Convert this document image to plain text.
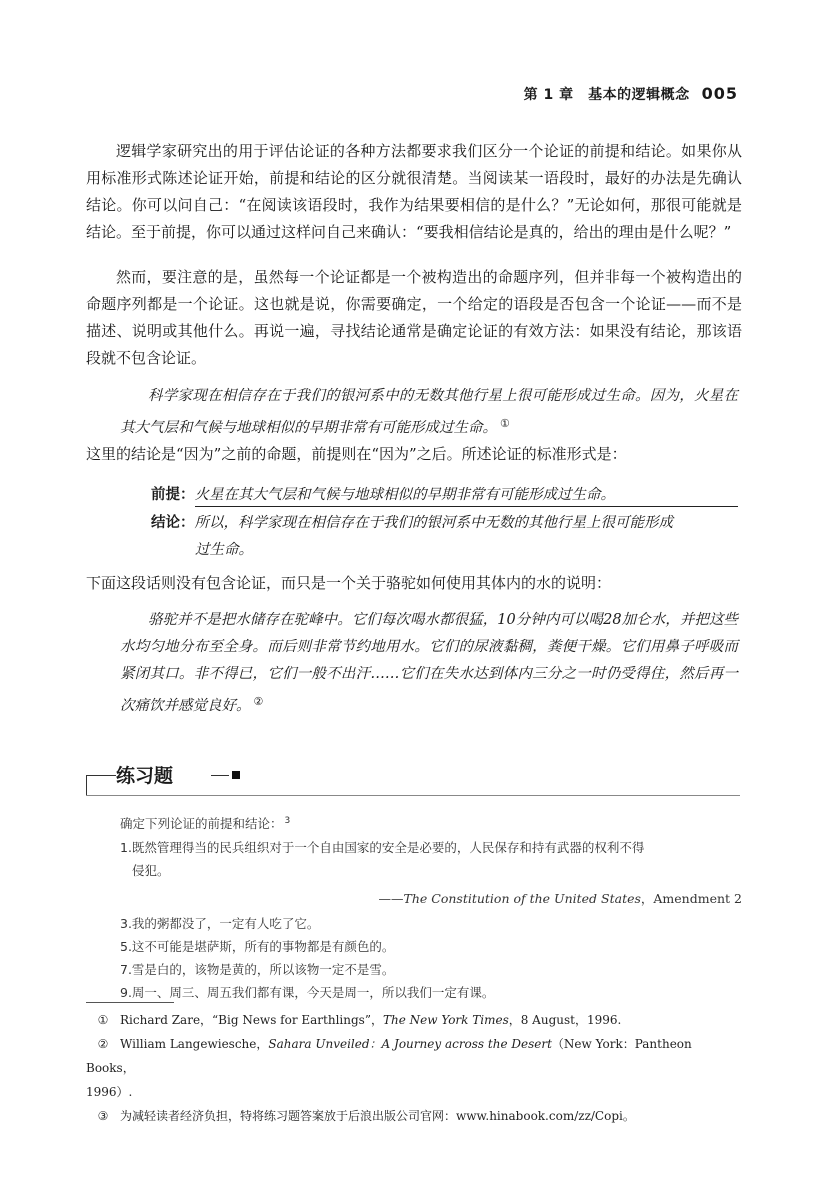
第 1 章　基本的逻辑概念 005
逻辑学家研究出的用于评估论证的各种方法都要求我们区分一个论证的前提和结论。如果你从用标准形式陈述论证开始，前提和结论的区分就很清楚。当阅读某一语段时，最好的办法是先确认结论。你可以问自己：“在阅读该语段时，我作为结果要相信的是什么？”无论如何，那很可能就是结论。至于前提，你可以通过这样问自己来确认：“要我相信结论是真的，给出的理由是什么呢？”
然而，要注意的是，虽然每一个论证都是一个被构造出的命题序列，但并非每一个被构造出的命题序列都是一个论证。这也就是说，你需要确定，一个给定的语段是否包含一个论证——而不是描述、说明或其他什么。再说一遍，寻找结论通常是确定论证的有效方法：如果没有结论，那该语段就不包含论证。
科学家现在相信存在于我们的银河系中的无数其他行星上很可能形成过生命。因为，火星在其大气层和气候与地球相似的早期非常有可能形成过生命。 ①
这里的结论是“因为”之前的命题，前提则在“因为”之后。所述论证的标准形式是：
前提：火星在其大气层和气候与地球相似的早期非常有可能形成过生命。
结论：所以，科学家现在相信存在于我们的银河系中无数的其他行星上很可能形成
过生命。
下面这段话则没有包含论证，而只是一个关于骆驼如何使用其体内的水的说明：
骆驼并不是把水储存在驼峰中。它们每次喝水都很猛，10分钟内可以喝28加仑水，并把这些水均匀地分布至全身。而后则非常节约地用水。它们的尿液黏稠，粪便干燥。它们用鼻子呼吸而紧闭其口。非不得已，它们一般不出汗……它们在失水达到体内三分之一时仍受得住，然后再一次痛饮并感觉良好。 ②
练习题
确定下列论证的前提和结论： $^3$
1.既然管理得当的民兵组织对于一个自由国家的安全是必要的，人民保存和持有武器的权利不得
侵犯。
——The Constitution of the United States，Amendment 2
3.我的粥都没了，一定有人吃了它。
5.这不可能是堪萨斯，所有的事物都是有颜色的。
7.雪是白的，该物是黄的，所以该物一定不是雪。
9.周一、周三、周五我们都有课，今天是周一，所以我们一定有课。
① Richard Zare，“Big News for Earthlings”，The New York Times，8 August，1996.
② William Langewiesche，Sahara Unveiled：A Journey across the Desert（New York：Pantheon Books，
1996）.
③ 为减轻读者经济负担，特将练习题答案放于后浪出版公司官网：www.hinabook.com/zz/Copi。
